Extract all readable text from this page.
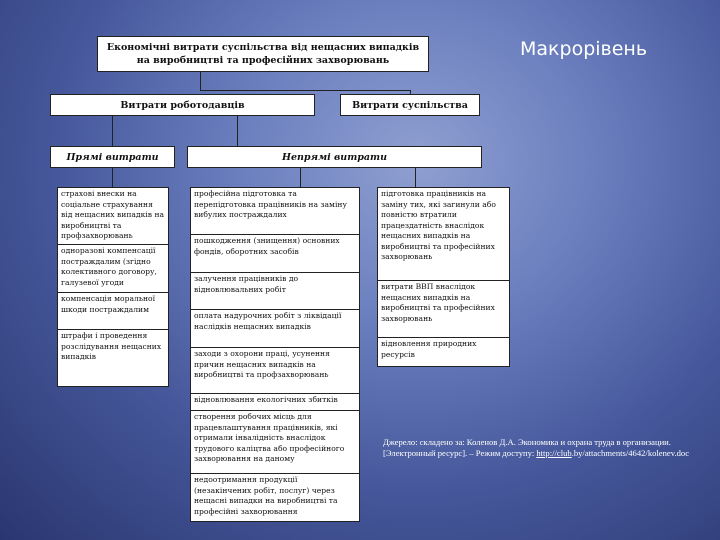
Економічні витрати суспільства від нещасних випадків на виробництві та професійних захворювань
Макрорівень
Витрати роботодавців	Витрати суспільства
Прямі витрати	Непрямі витрати
страхові внески на соціальне страхування від нещасних випадків на виробництві та профзахворювань
одноразові компенсації постраждалим (згідно колективного договору, галузевої угоди
компенсація моральної шкоди постраждалим
штрафи і проведення розслідування нещасних випадків
професійна підготовка та перепідготовка працівників на заміну вибулих постраждалих
пошкодження (знищення) основних фондів, оборотних засобів
залучення працівників до відновлювальних робіт
оплата надурочних робіт з ліквідації наслідків нещасних випадків
заходи з охорони праці, усунення причин нещасних випадків на виробництві та профзахворювань
відновлювання екологічних збитків
створення робочих місць для працевлаштування працівників, які отримали інвалідність внаслідок трудового каліцтва або професійного захворювання на даному
недоотримання продукції (незакінчених робіт, послуг) через нещасні випадки на виробництві та професійні захворювання
підготовка працівників на заміну тих, які загинули або повністю втратили працездатність внаслідок нещасних випадків на виробництві та професійних захворювань
витрати ВВП внаслідок нещасних випадків на виробництві та професійних захворювань
відновлення природних ресурсів
Джерело: складено за: Коленов Д.А. Экономика и охрана труда в организации. [Электронный ресурс]. – Режим доступу: http://club.by/attachments/4642/kolenev.doc
